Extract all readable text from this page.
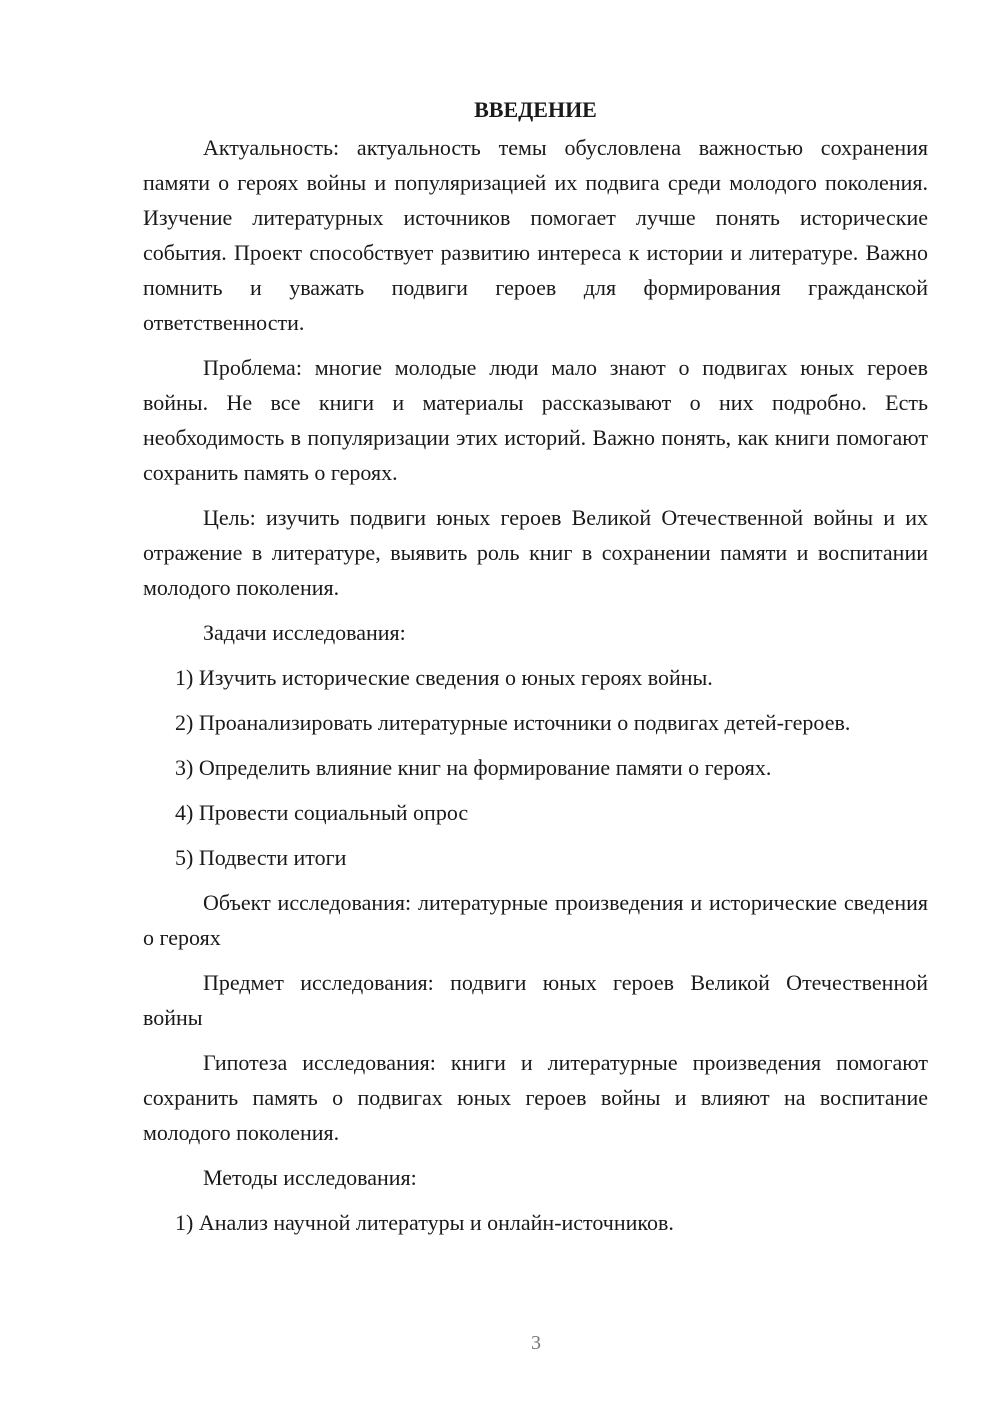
ВВЕДЕНИЕ

Актуальность: актуальность темы обусловлена важностью сохранения памяти о героях войны и популяризацией их подвига среди молодого поколения. Изучение литературных источников помогает лучше понять исторические события. Проект способствует развитию интереса к истории и литературе. Важно помнить и уважать подвиги героев для формирования гражданской ответственности.

Проблема: многие молодые люди мало знают о подвигах юных героев войны. Не все книги и материалы рассказывают о них подробно. Есть необходимость в популяризации этих историй. Важно понять, как книги помогают сохранить память о героях.

Цель: изучить подвиги юных героев Великой Отечественной войны и их отражение в литературе, выявить роль книг в сохранении памяти и воспитании молодого поколения.

Задачи исследования:

1) Изучить исторические сведения о юных героях войны.

2) Проанализировать литературные источники о подвигах детей-героев.

3) Определить влияние книг на формирование памяти о героях.

4) Провести социальный опрос

5) Подвести итоги

Объект исследования: литературные произведения и исторические сведения о героях

Предмет исследования: подвиги юных героев Великой Отечественной войны

Гипотеза исследования: книги и литературные произведения помогают сохранить память о подвигах юных героев войны и влияют на воспитание молодого поколения.

Методы исследования:

1) Анализ научной литературы и онлайн-источников.

3
